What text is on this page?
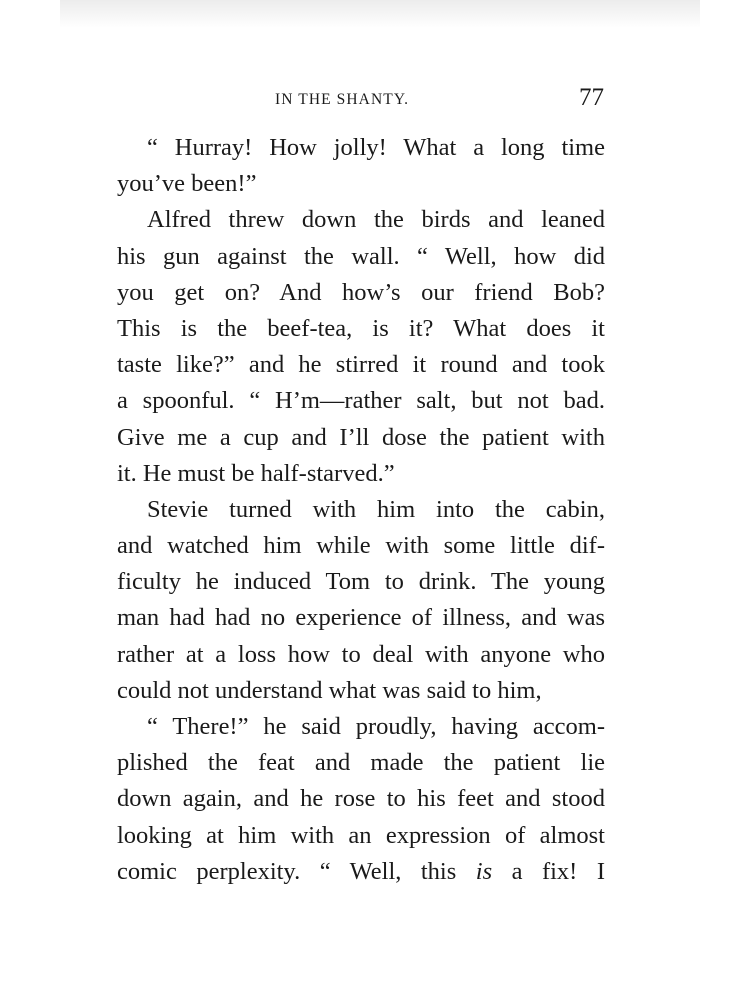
IN THE SHANTY.	77
“ Hurray! How jolly! What a long time
you’ve been!”
Alfred threw down the birds and leaned
his gun against the wall. “ Well, how did
you get on? And how’s our friend Bob?
This is the beef-tea, is it? What does it
taste like?” and he stirred it round and took
a spoonful. “ H’m—rather salt, but not bad.
Give me a cup and I’ll dose the patient with
it. He must be half-starved.”
Stevie turned with him into the cabin,
and watched him while with some little dif-
ficulty he induced Tom to drink. The young
man had had no experience of illness, and was
rather at a loss how to deal with anyone who
could not understand what was said to him,
“ There!” he said proudly, having accom-
plished the feat and made the patient lie
down again, and he rose to his feet and stood
looking at him with an expression of almost
comic perplexity. “ Well, this is a fix! I
